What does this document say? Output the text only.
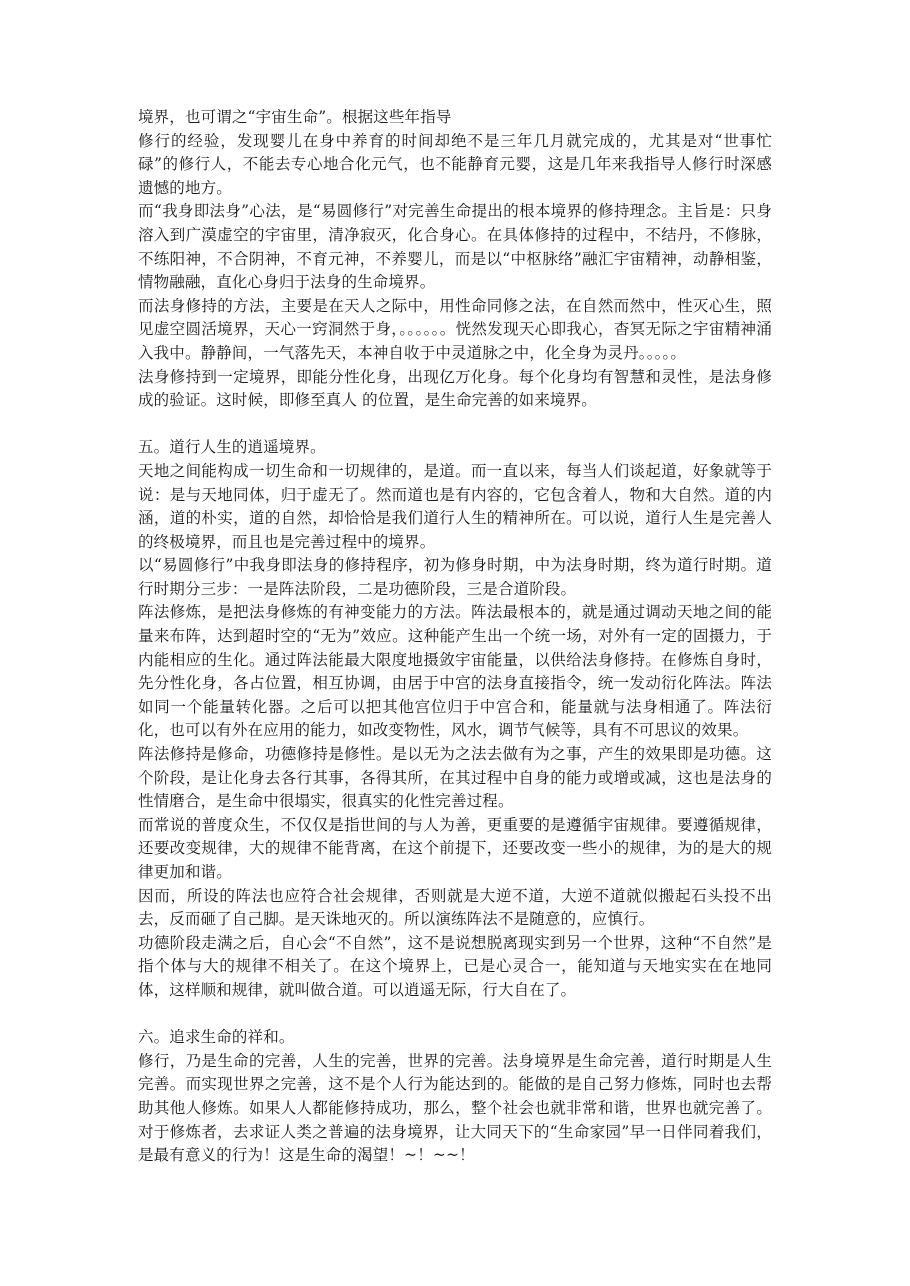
境界，也可谓之“宇宙生命”。根据这些年指导

修行的经验，发现婴儿在身中养育的时间却绝不是三年几月就完成的，尤其是对“世事忙碌”的修行人，不能去专心地合化元气，也不能静育元婴，这是几年来我指导人修行时深感遗憾的地方。

而“我身即法身”心法，是“易圆修行”对完善生命提出的根本境界的修持理念。主旨是：只身溶入到广漠虚空的宇宙里，清净寂灭，化合身心。在具体修持的过程中，不结丹，不修脉，不练阳神，不合阴神，不育元神，不养婴儿，而是以“中枢脉络”融汇宇宙精神，动静相鉴，情物融融，直化心身归于法身的生命境界。

而法身修持的方法，主要是在天人之际中，用性命同修之法，在自然而然中，性灭心生，照见虚空圆活境界，天心一窍洞然于身，。。。。。。恍然发现天心即我心，杳冥无际之宇宙精神涌入我中。静静间，一气落先天，本神自收于中灵道脉之中，化全身为灵丹。。。。。

法身修持到一定境界，即能分性化身，出现亿万化身。每个化身均有智慧和灵性，是法身修成的验证。这时候，即修至真人 的位置，是生命完善的如来境界。

五。道行人生的逍遥境界。

天地之间能构成一切生命和一切规律的，是道。而一直以来，每当人们谈起道，好象就等于说：是与天地同体，归于虚无了。然而道也是有内容的，它包含着人，物和大自然。道的内涵，道的朴实，道的自然，却恰恰是我们道行人生的精神所在。可以说，道行人生是完善人的终极境界，而且也是完善过程中的境界。

以“易圆修行”中我身即法身的修持程序，初为修身时期，中为法身时期，终为道行时期。道行时期分三步：一是阵法阶段，二是功德阶段，三是合道阶段。

阵法修炼，是把法身修炼的有神变能力的方法。阵法最根本的，就是通过调动天地之间的能量来布阵，达到超时空的“无为”效应。这种能产生出一个统一场，对外有一定的固摄力，于内能相应的生化。通过阵法能最大限度地摄敛宇宙能量，以供给法身修持。在修炼自身时，先分性化身，各占位置，相互协调，由居于中宫的法身直接指令，统一发动衍化阵法。阵法如同一个能量转化器。之后可以把其他宫位归于中宫合和，能量就与法身相通了。阵法衍化，也可以有外在应用的能力，如改变物性，风水，调节气候等，具有不可思议的效果。

阵法修持是修命，功德修持是修性。是以无为之法去做有为之事，产生的效果即是功德。这个阶段，是让化身去各行其事，各得其所，在其过程中自身的能力或增或减，这也是法身的性情磨合，是生命中很塌实，很真实的化性完善过程。

而常说的普度众生，不仅仅是指世间的与人为善，更重要的是遵循宇宙规律。要遵循规律，还要改变规律，大的规律不能背离，在这个前提下，还要改变一些小的规律，为的是大的规律更加和谐。

因而，所设的阵法也应符合社会规律，否则就是大逆不道，大逆不道就似搬起石头投不出去，反而砸了自己脚。是天诛地灭的。所以演练阵法不是随意的，应慎行。

功德阶段走满之后，自心会“不自然”，这不是说想脱离现实到另一个世界，这种“不自然”是指个体与大的规律不相关了。在这个境界上，已是心灵合一，能知道与天地实实在在地同体，这样顺和规律，就叫做合道。可以逍遥无际，行大自在了。

六。追求生命的祥和。

修行，乃是生命的完善，人生的完善，世界的完善。法身境界是生命完善，道行时期是人生完善。而实现世界之完善，这不是个人行为能达到的。能做的是自己努力修炼，同时也去帮助其他人修炼。如果人人都能修持成功，那么，整个社会也就非常和谐，世界也就完善了。对于修炼者，去求证人类之普遍的法身境界，让大同天下的“生命家园”早一日伴同着我们，是最有意义的行为！这是生命的渴望！~！~~！
